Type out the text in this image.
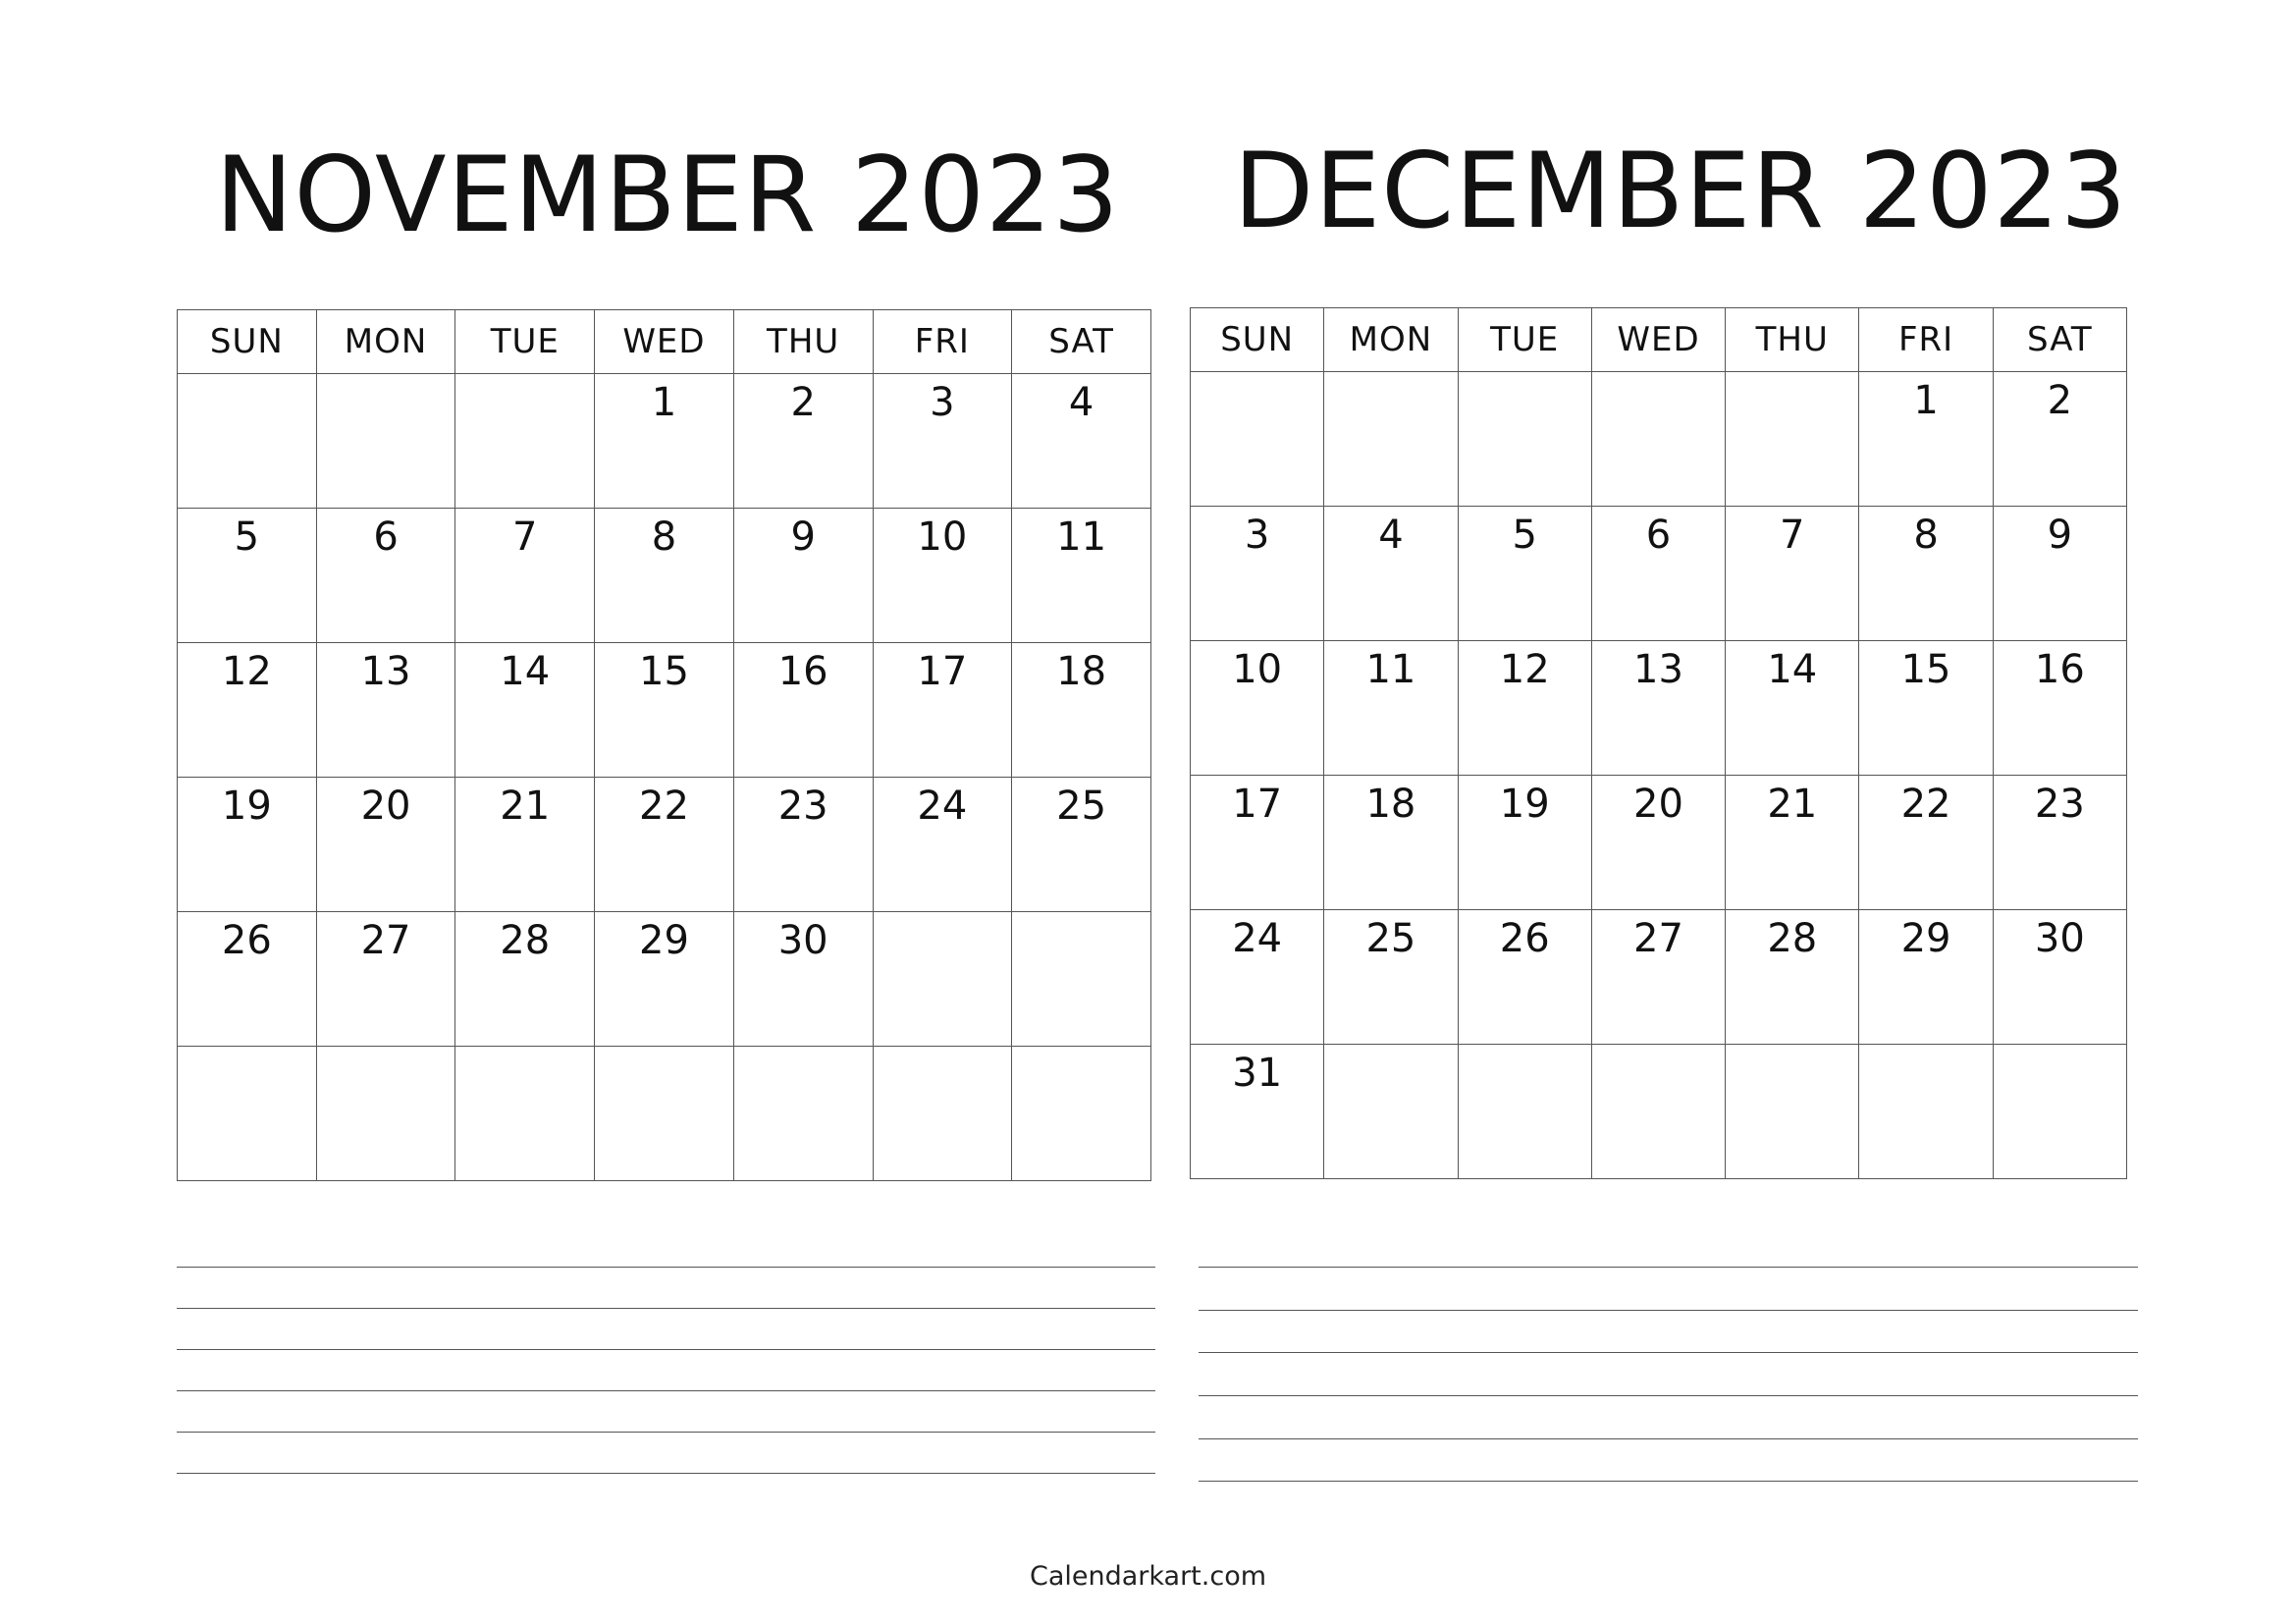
NOVEMBER 2023	DECEMBER 2023
SUN	MON	TUE	WED	THU	FRI	SAT

			1	2	3	4

5	6	7	8	9	10	11

12	13	14	15	16	17	18

19	20	21	22	23	24	25

26	27	28	29	30		

SUN	MON	TUE	WED	THU	FRI	SAT

					1	2

3	4	5	6	7	8	9

10	11	12	13	14	15	16

17	18	19	20	21	22	23

24	25	26	27	28	29	30

31						

Calendarkart.com
